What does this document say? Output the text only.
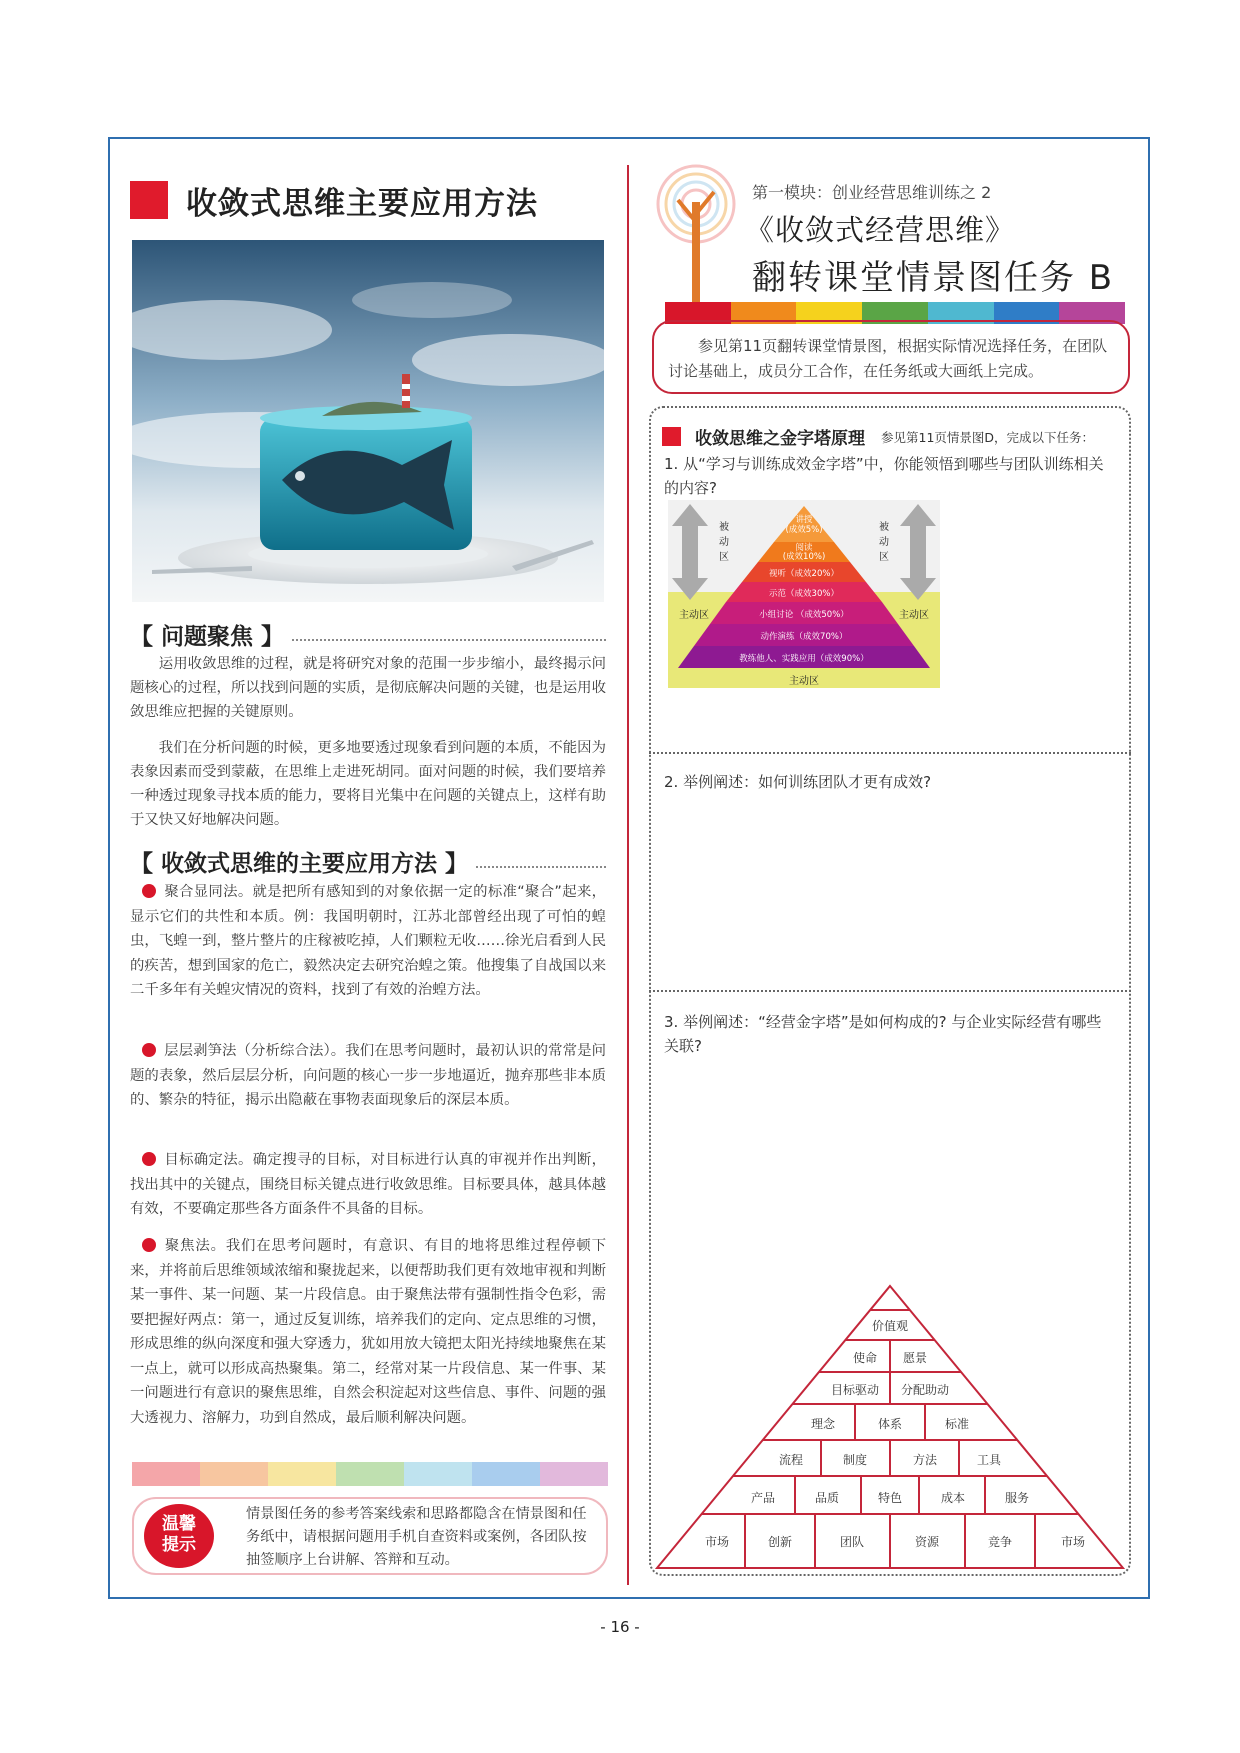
收敛式思维主要应用方法
【 问题聚焦 】

运用收敛思维的过程，就是将研究对象的范围一步步缩小，最终揭示问题核心的过程，所以找到问题的实质，是彻底解决问题的关键，也是运用收敛思维应把握的关键原则。

我们在分析问题的时候，更多地要透过现象看到问题的本质，不能因为表象因素而受到蒙蔽，在思维上走进死胡同。面对问题的时候，我们要培养一种透过现象寻找本质的能力，要将目光集中在问题的关键点上，这样有助于又快又好地解决问题。

【 收敛式思维的主要应用方法 】
聚合显同法。就是把所有感知到的对象依据一定的标准“聚合”起来，显示它们的共性和本质。例：我国明朝时，江苏北部曾经出现了可怕的蝗虫，飞蝗一到，整片整片的庄稼被吃掉，人们颗粒无收……徐光启看到人民的疾苦，想到国家的危亡，毅然决定去研究治蝗之策。他搜集了自战国以来二千多年有关蝗灾情况的资料，找到了有效的治蝗方法。
层层剥笋法（分析综合法）。我们在思考问题时，最初认识的常常是问题的表象，然后层层分析，向问题的核心一步一步地逼近，抛弃那些非本质的、繁杂的特征，揭示出隐蔽在事物表面现象后的深层本质。
目标确定法。确定搜寻的目标，对目标进行认真的审视并作出判断，找出其中的关键点，围绕目标关键点进行收敛思维。目标要具体，越具体越有效，不要确定那些各方面条件不具备的目标。
聚焦法。我们在思考问题时，有意识、有目的地将思维过程停顿下来，并将前后思维领域浓缩和聚拢起来，以便帮助我们更有效地审视和判断某一事件、某一问题、某一片段信息。由于聚焦法带有强制性指令色彩，需要把握好两点：第一，通过反复训练，培养我们的定向、定点思维的习惯，形成思维的纵向深度和强大穿透力，犹如用放大镜把太阳光持续地聚焦在某一点上，就可以形成高热聚集。第二，经常对某一片段信息、某一件事、某一问题进行有意识的聚焦思维，自然会积淀起对这些信息、事件、问题的强大透视力、溶解力，功到自然成，最后顺利解决问题。
温馨
提示
情景图任务的参考答案线索和思路都隐含在情景图和任务纸中，请根据问题用手机自查资料或案例，各团队按抽签顺序上台讲解、答辩和互动。
- 16 -
第一模块：创业经营思维训练之 2
《收敛式经营思维》
翻转课堂情景图任务 B
参见第11页翻转课堂情景图，根据实际情况选择任务，在团队讨论基础上，成员分工合作，在任务纸或大画纸上完成。
收敛思维之金字塔原理 参见第11页情景图D，完成以下任务：
1. 从“学习与训练成效金字塔”中，你能领悟到哪些与团队训练相关的内容?
被
动
区
被
动
区
主动区	主动区
主动区
讲授
(成效5%)
阅读
(成效10%)
视听（成效20%）
示范（成效30%）
小组讨论 （成效50%）
动作演练（成效70%）
教练他人、实践应用（成效90%）
2. 举例阐述：如何训练团队才更有成效?
3. 举例阐述：“经营金字塔”是如何构成的? 与企业实际经营有哪些关联?
价值观
使命 愿景
目标驱动 分配助动
理念	体系	标准
流程	制度	方法	工具
产品	品质	特色	成本	服务
市场	创新	团队	资源	竞争	市场
